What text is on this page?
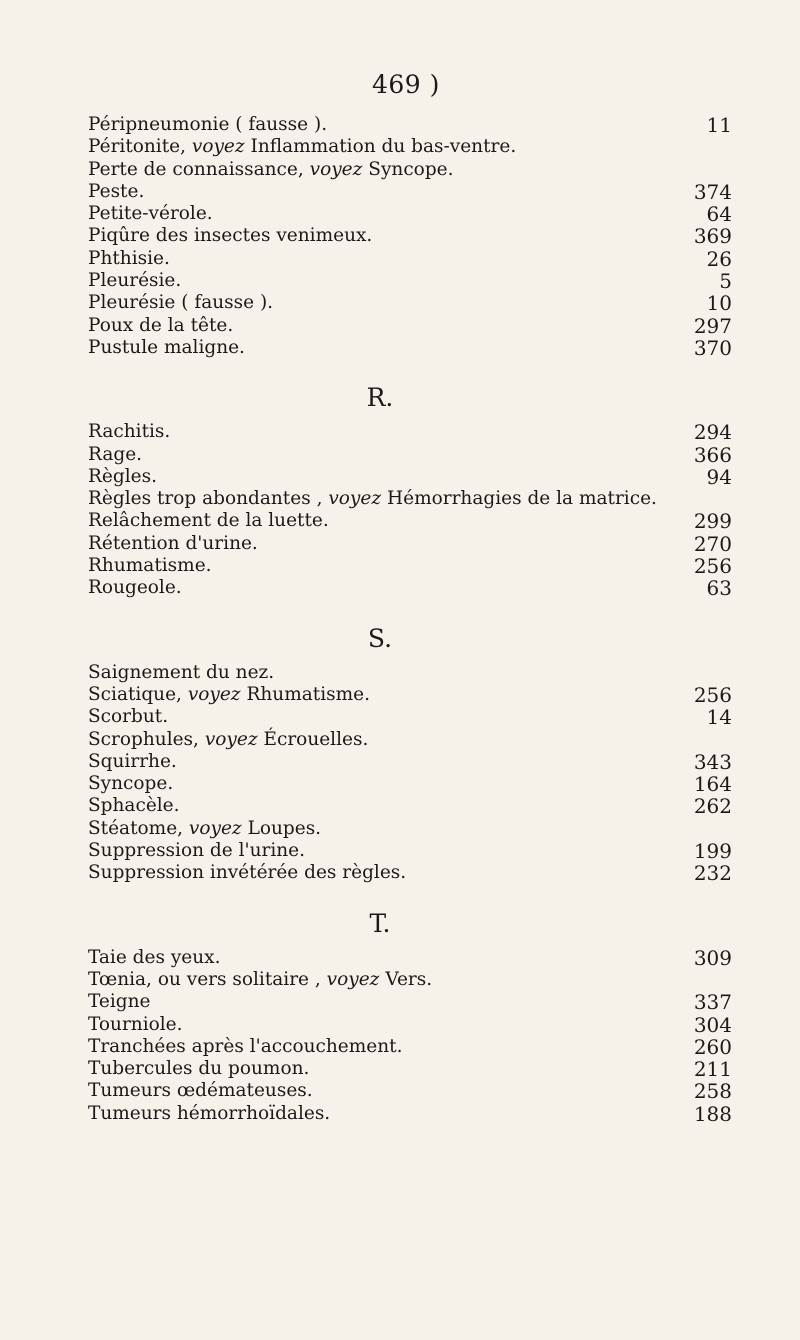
469 )
Péripneumonie ( fausse ).	11
Péritonite, voyez Inflammation du bas-ventre.
Perte de connaissance, voyez Syncope.
Peste.	374
Petite-vérole.	64
Piqûre des insectes venimeux.	369
Phthisie.	26
Pleurésie.	5
Pleurésie ( fausse ).	10
Poux de la tête.	297
Pustule maligne.	370
R.
Rachitis.	294
Rage.	366
Règles.	94
Règles trop abondantes , voyez Hémorrhagies de la matrice.
Relâchement de la luette.	299
Rétention d'urine.	270
Rhumatisme.	256
Rougeole.	63
S.
Saignement du nez.
Sciatique, voyez Rhumatisme.	256
Scorbut.	14
Scrophules, voyez Écrouelles.
Squirrhe.	343
Syncope.	164
Sphacèle.	262
Stéatome, voyez Loupes.
Suppression de l'urine.	199
Suppression invétérée des règles.	232
T.
Taie des yeux.	309
Tœnia, ou vers solitaire , voyez Vers.
Teigne	337
Tourniole.	304
Tranchées après l'accouchement.	260
Tubercules du poumon.	211
Tumeurs œdémateuses.	258
Tumeurs hémorrhoïdales.	188
